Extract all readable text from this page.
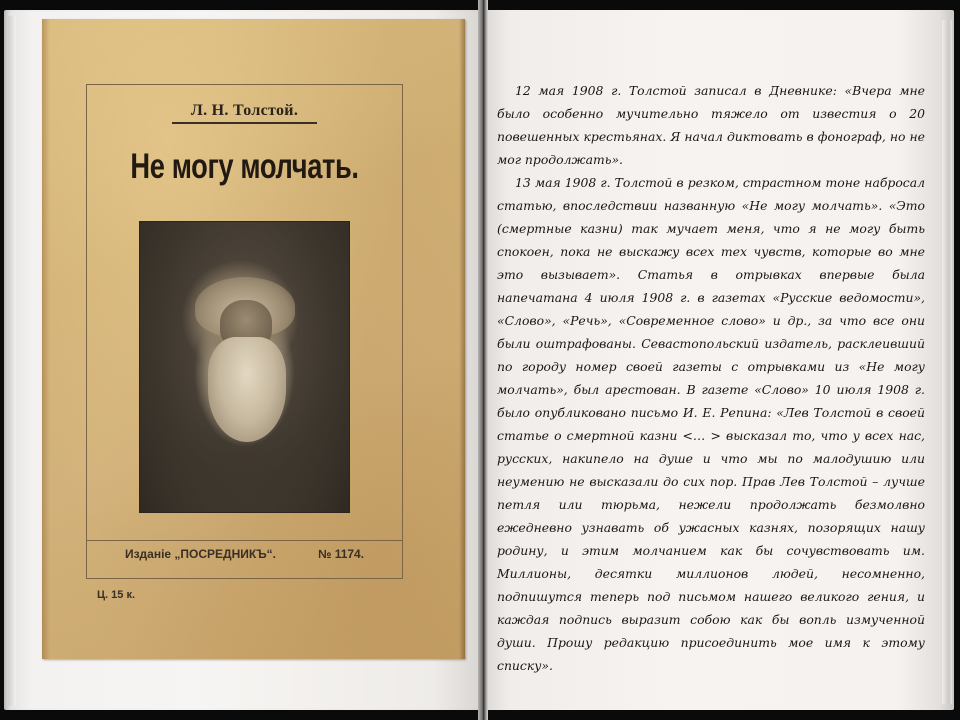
Л. Н. Толстой.
Не могу молчать.
Изданіе „ПОСРЕДНИКЪ“.	№ 1174.
Ц. 15 к.

12 мая 1908 г. Толстой записал в Дневнике: «Вчера мне было особенно мучительно тяжело от известия о 20 повешенных крестьянах. Я начал диктовать в фонограф, но не мог продолжать».

13 мая 1908 г. Толстой в резком, страстном тоне набросал статью, впоследствии названную «Не могу молчать». «Это (смертные казни) так мучает меня, что я не могу быть спокоен, пока не выскажу всех тех чувств, которые во мне это вызывает». Статья в отрывках впервые была напечатана 4 июля 1908 г. в газетах «Русские ведомости», «Слово», «Речь», «Современное слово» и др., за что все они были оштрафованы. Севастопольский издатель, расклеивший по городу номер своей газеты с отрывками из «Не могу молчать», был арестован. В газете «Слово» 10 июля 1908 г. было опубликовано письмо И. Е. Репина: «Лев Толстой в своей статье о смертной казни <… > высказал то, что у всех нас, русских, накипело на душе и что мы по малодушию или неумению не высказали до сих пор. Прав Лев Толстой – лучше петля или тюрьма, нежели продолжать безмолвно ежедневно узнавать об ужасных казнях, позорящих нашу родину, и этим молчанием как бы сочувствовать им. Миллионы, десятки миллионов людей, несомненно, подпишутся теперь под письмом нашего великого гения, и каждая подпись выразит собою как бы вопль измученной души. Прошу редакцию присоединить мое имя к этому списку».
